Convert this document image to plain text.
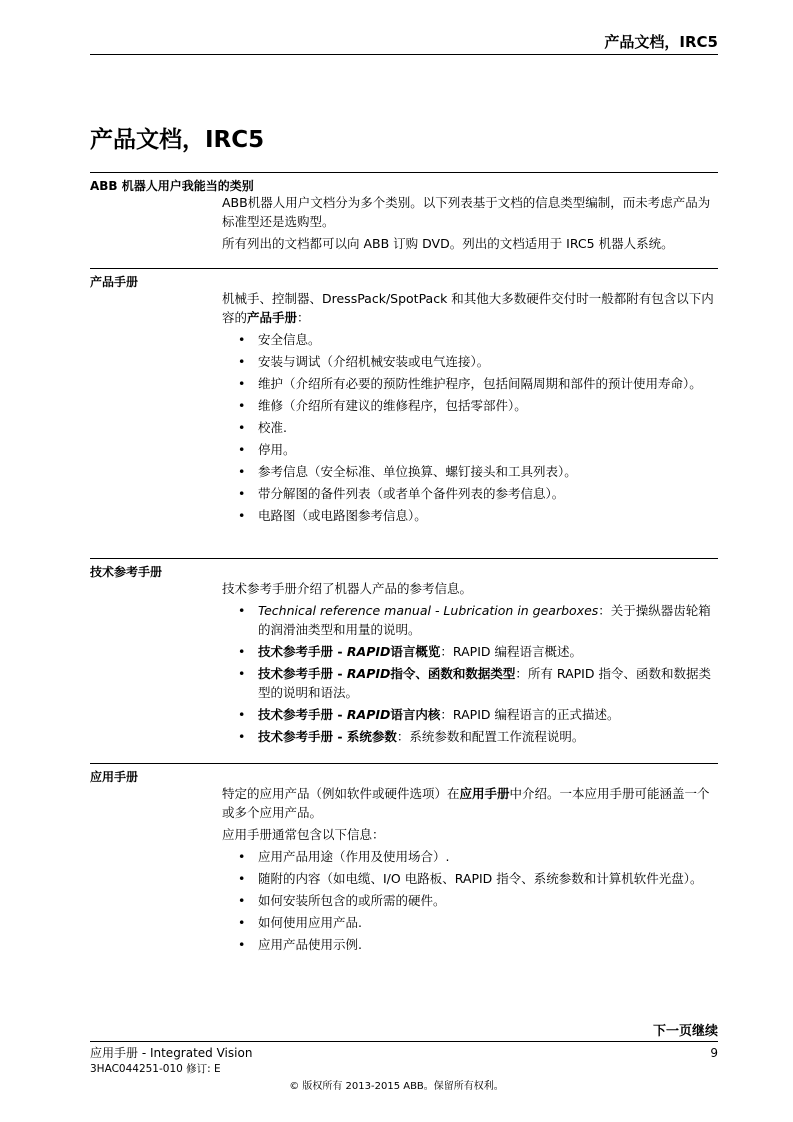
产品文档，IRC5
产品文档，IRC5
ABB 机器人用户我能当的类别

ABB机器人用户文档分为多个类别。以下列表基于文档的信息类型编制，而未考虑产品为标准型还是选购型。

所有列出的文档都可以向 ABB 订购 DVD。列出的文档适用于 IRC5 机器人系统。

产品手册

机械手、控制器、DressPack/SpotPack 和其他大多数硬件交付时一般都附有包含以下内容的产品手册：

• 安全信息。
• 安装与调试（介绍机械安装或电气连接）。
• 维护（介绍所有必要的预防性维护程序，包括间隔周期和部件的预计使用寿命）。
• 维修（介绍所有建议的维修程序，包括零部件）。
• 校准.
• 停用。
• 参考信息（安全标准、单位换算、螺钉接头和工具列表）。
• 带分解图的备件列表（或者单个备件列表的参考信息）。
• 电路图（或电路图参考信息）。
技术参考手册

技术参考手册介绍了机器人产品的参考信息。

• Technical reference manual - Lubrication in gearboxes：关于操纵器齿轮箱的润滑油类型和用量的说明。
• 技术参考手册 - RAPID语言概览：RAPID 编程语言概述。
• 技术参考手册 - RAPID指令、函数和数据类型：所有 RAPID 指令、函数和数据类型的说明和语法。
• 技术参考手册 - RAPID语言内核：RAPID 编程语言的正式描述。
• 技术参考手册 - 系统参数：系统参数和配置工作流程说明。
应用手册

特定的应用产品（例如软件或硬件选项）在应用手册中介绍。一本应用手册可能涵盖一个或多个应用产品。

应用手册通常包含以下信息：

• 应用产品用途（作用及使用场合）.
• 随附的内容（如电缆、I/O 电路板、RAPID 指令、系统参数和计算机软件光盘）。
• 如何安装所包含的或所需的硬件。
• 如何使用应用产品.
• 应用产品使用示例.
下一页继续
应用手册 - Integrated Vision
3HAC044251-010 修订: E
9
© 版权所有 2013-2015 ABB。保留所有权利。
